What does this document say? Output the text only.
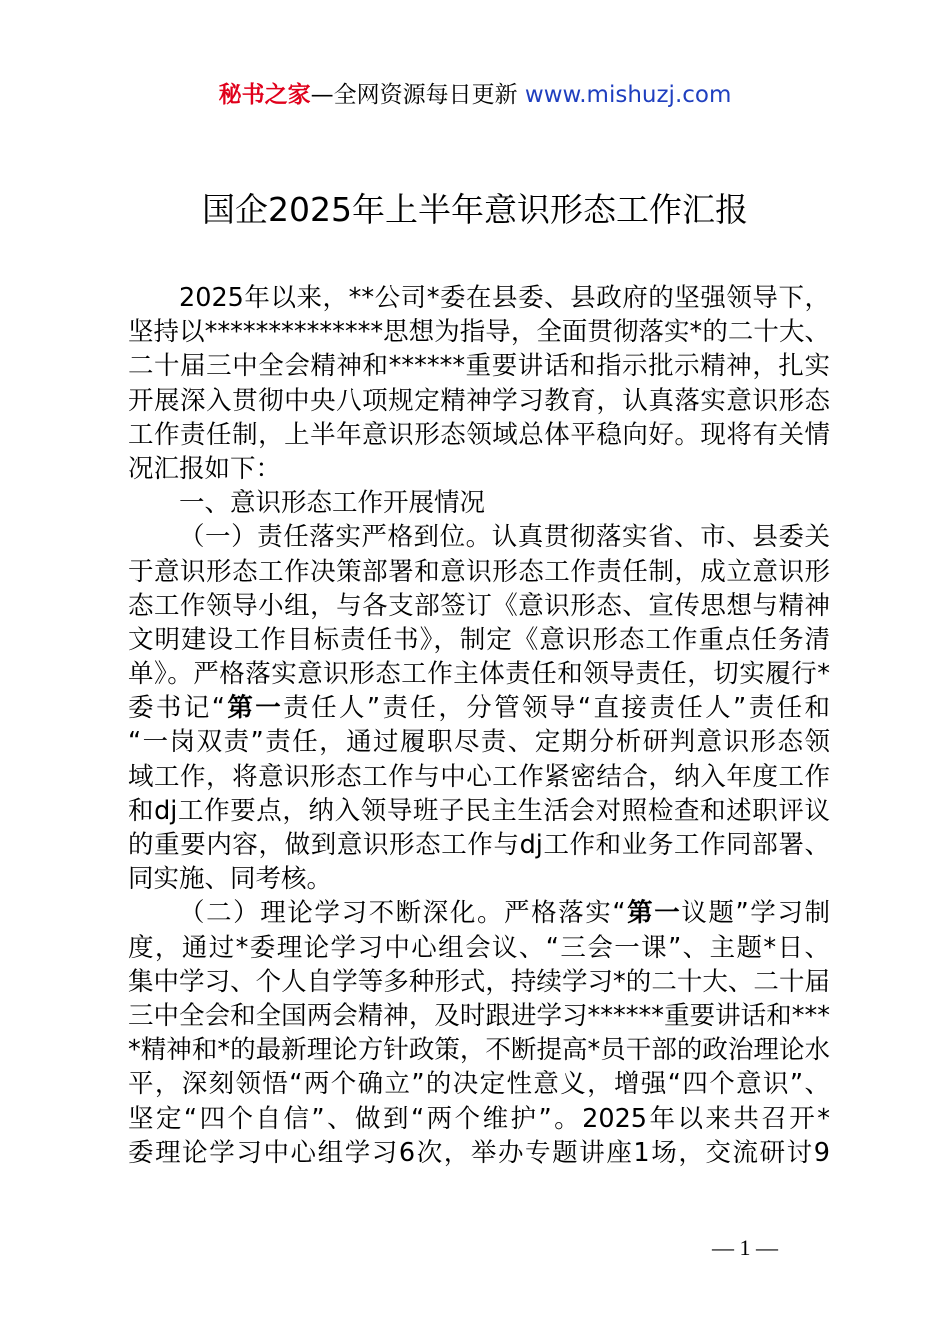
秘书之家—全网资源每日更新 www.mishuzj.com
国企2025年上半年意识形态工作汇报
2025年以来，**公司*委在县委、县政府的坚强领导下，
坚持以**************思想为指导，全面贯彻落实*的二十大、
二十届三中全会精神和******重要讲话和指示批示精神，扎实
开展深入贯彻中央八项规定精神学习教育，认真落实意识形态
工作责任制，上半年意识形态领域总体平稳向好。现将有关情
况汇报如下：
一、意识形态工作开展情况
（一）责任落实严格到位。认真贯彻落实省、市、县委关
于意识形态工作决策部署和意识形态工作责任制，成立意识形
态工作领导小组，与各支部签订《意识形态、宣传思想与精神
文明建设工作目标责任书》，制定《意识形态工作重点任务清
单》。严格落实意识形态工作主体责任和领导责任，切实履行*
委书记“第一责任人”责任，分管领导“直接责任人”责任和
“一岗双责”责任，通过履职尽责、定期分析研判意识形态领
域工作，将意识形态工作与中心工作紧密结合，纳入年度工作
和dj工作要点，纳入领导班子民主生活会对照检查和述职评议
的重要内容，做到意识形态工作与dj工作和业务工作同部署、
同实施、同考核。
（二）理论学习不断深化。严格落实“第一议题”学习制
度，通过*委理论学习中心组会议、“三会一课”、主题*日、
集中学习、个人自学等多种形式，持续学习*的二十大、二十届
三中全会和全国两会精神，及时跟进学习******重要讲话和***
*精神和*的最新理论方针政策，不断提高*员干部的政治理论水
平，深刻领悟“两个确立”的决定性意义，增强“四个意识”、
坚定“四个自信”、做到“两个维护”。2025年以来共召开*
委理论学习中心组学习6次，举办专题讲座1场，交流研讨9
— 1 —
